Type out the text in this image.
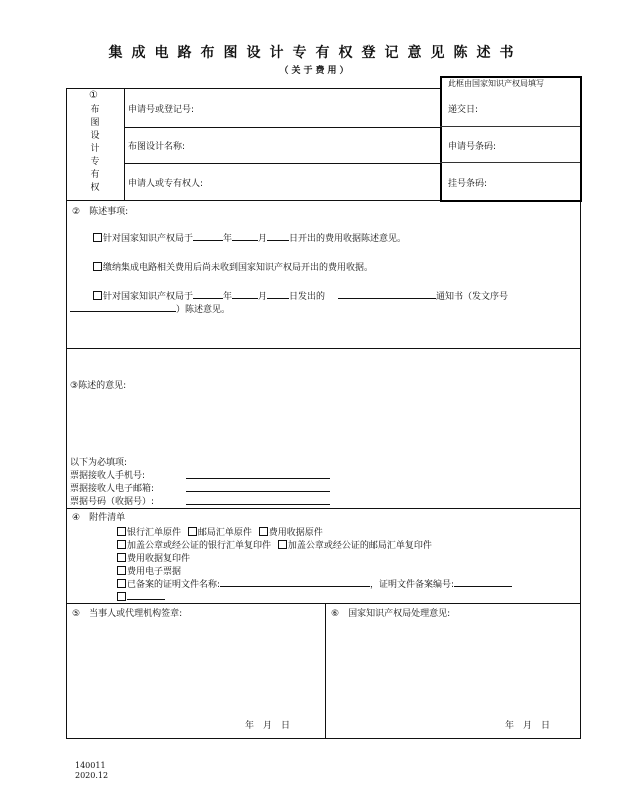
集成电路布图设计专有权登记意见陈述书
（关于费用）
此框由国家知识产权局填写
①
布
图
设
计
专
有
权
申请号或登记号:	递交日:
布图设计名称:	申请号条码:
申请人或专有权人:	挂号条码:
②　陈述事项:
针对国家知识产权局于	年	月 日开出的费用收据陈述意见。
缴纳集成电路相关费用后尚未收到国家知识产权局开出的费用收据。
针对国家知识产权局于	年	月 日发出的	通知书（发文序号
）陈述意见。
③陈述的意见:
以下为必填项:
票据接收人手机号:
票据接收人电子邮箱:
票据号码（收据号）:
④　附件清单
银行汇单原件 邮局汇单原件 费用收据原件
加盖公章或经公证的银行汇单复印件 加盖公章或经公证的邮局汇单复印件
费用收据复印件
费用电子票据
已备案的证明文件名称:	，证明文件备案编号:
⑤　当事人或代理机构签章:
年　月　日
⑥　国家知识产权局处理意见:
年　月　日
140011
2020.12
